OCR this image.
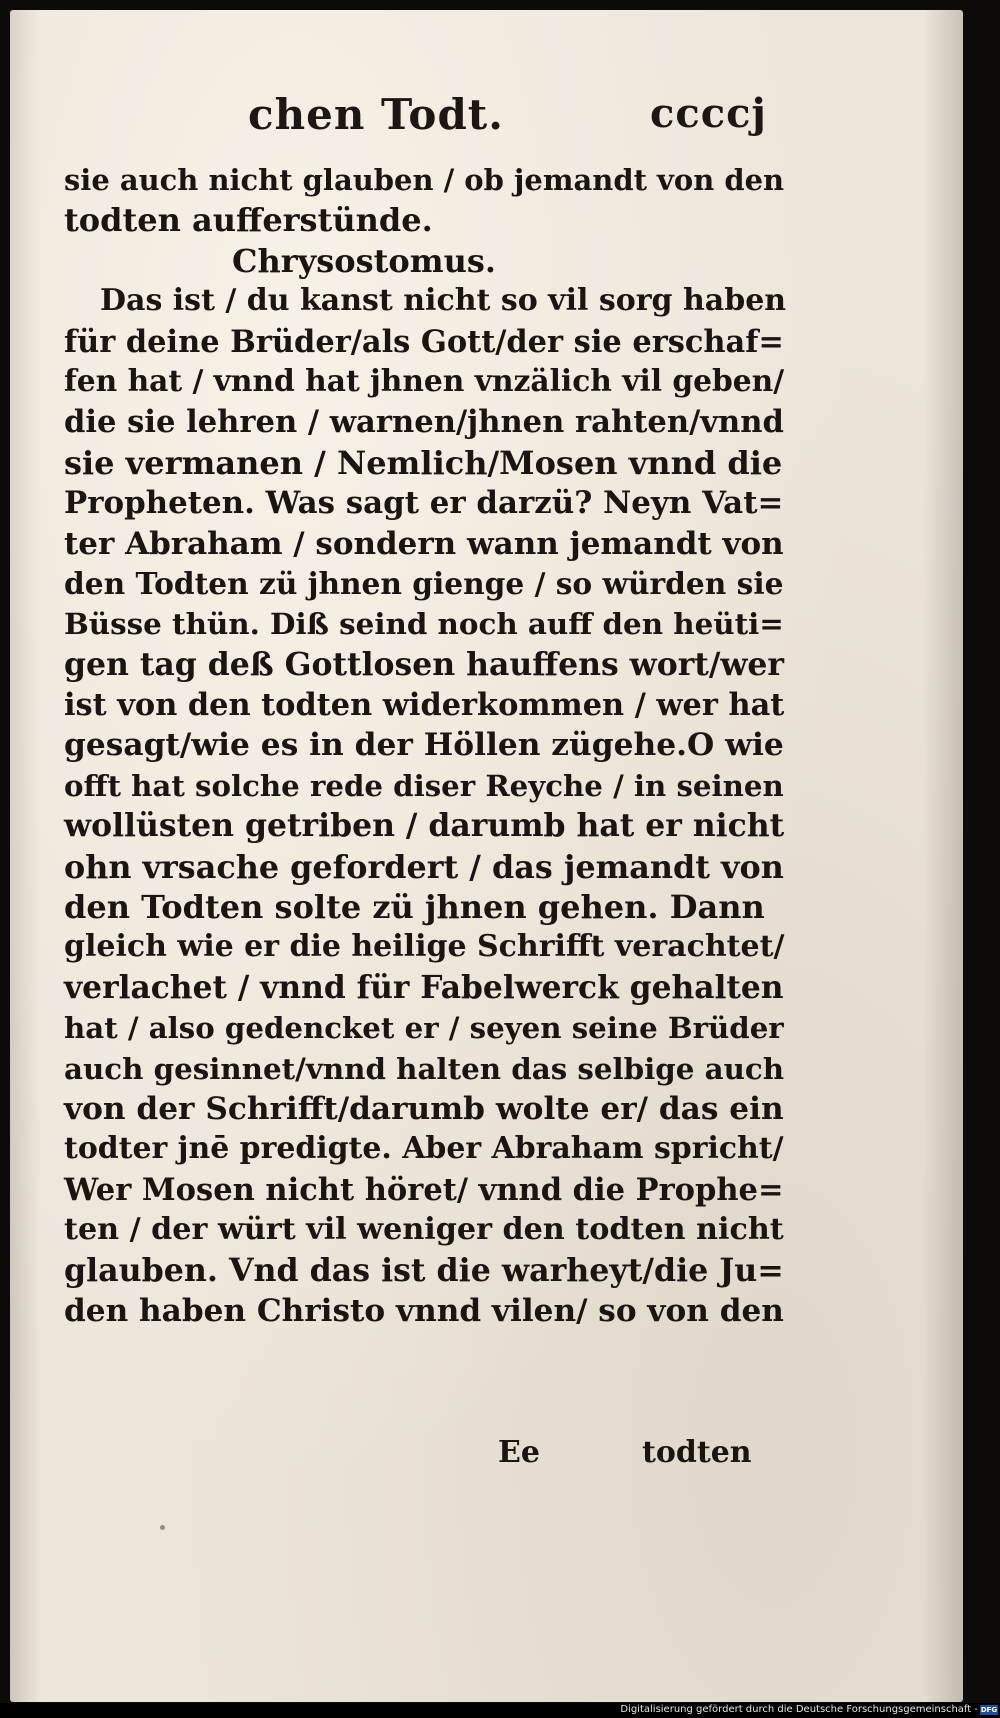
chen Todt.	ccccj
sie auch nicht glauben / ob jemandt von den
todten aufferstünde.
Chrysostomus.
Das ist / du kanst nicht so vil sorg haben
für deine Brüder/als Gott/der sie erschaf=
fen hat / vnnd hat jhnen vnzälich vil geben/
die sie lehren / warnen/jhnen rahten/vnnd
sie vermanen / Nemlich/Mosen vnnd die
Propheten. Was sagt er darzü? Neyn Vat=
ter Abraham / sondern wann jemandt von
den Todten zü jhnen gienge / so würden sie
Büsse thün. Diß seind noch auff den heüti=
gen tag deß Gottlosen hauffens wort/wer
ist von den todten widerkommen / wer hat
gesagt/wie es in der Höllen zügehe.O wie
offt hat solche rede diser Reyche / in seinen
wollüsten getriben / darumb hat er nicht
ohn vrsache gefordert / das jemandt von
den Todten solte zü jhnen gehen. Dann
gleich wie er die heilige Schrifft verachtet/
verlachet / vnnd für Fabelwerck gehalten
hat / also gedencket er / seyen seine Brüder
auch gesinnet/vnnd halten das selbige auch
von der Schrifft/darumb wolte er/ das ein
todter jnē predigte. Aber Abraham spricht/
Wer Mosen nicht höret/ vnnd die Prophe=
ten / der würt vil weniger den todten nicht
glauben. Vnd das ist die warheyt/die Ju=
den haben Christo vnnd vilen/ so von den
Ee	todten
Digitalisierung gefördert durch die Deutsche Forschungsgemeinschaft - DFG
